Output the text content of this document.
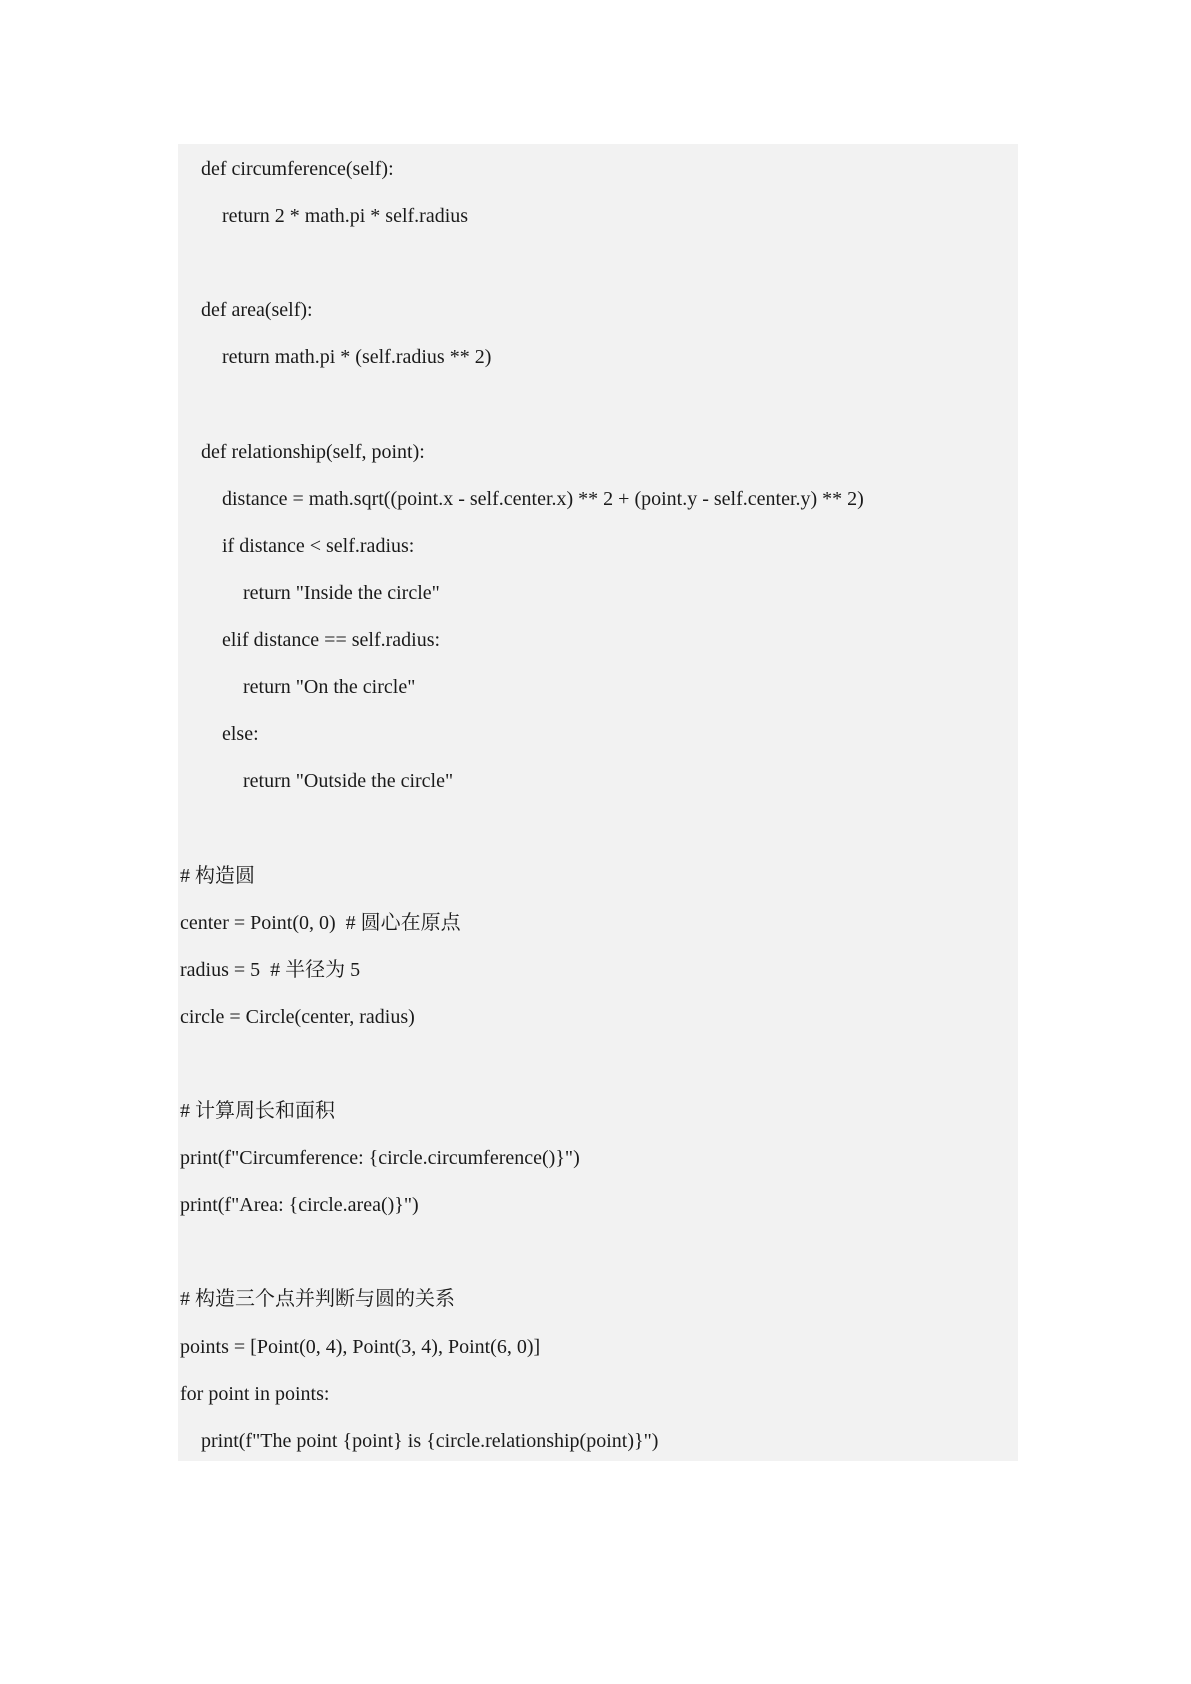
def circumference(self):
return 2 * math.pi * self.radius
def area(self):
return math.pi * (self.radius ** 2)
def relationship(self, point):
distance = math.sqrt((point.x - self.center.x) ** 2 + (point.y - self.center.y) ** 2)
if distance < self.radius:
return "Inside the circle"
elif distance == self.radius:
return "On the circle"
else:
return "Outside the circle"
# 构造圆
center = Point(0, 0)  # 圆心在原点
radius = 5  # 半径为 5
circle = Circle(center, radius)
# 计算周长和面积
print(f"Circumference: {circle.circumference()}")
print(f"Area: {circle.area()}")
# 构造三个点并判断与圆的关系
points = [Point(0, 4), Point(3, 4), Point(6, 0)]
for point in points:
print(f"The point {point} is {circle.relationship(point)}")
